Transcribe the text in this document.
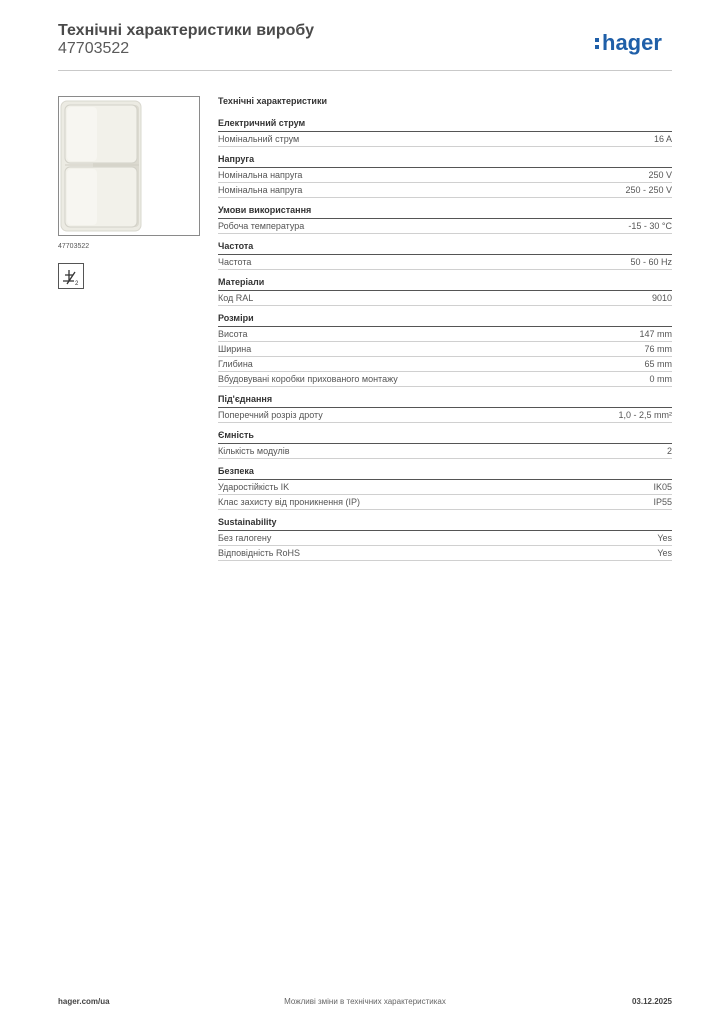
Технічні характеристики виробу
47703522	hager
47703522
2
Технічні характеристики
Електричний струм
Номінальний струм	16 A
Напруга
Номінальна напруга	250 V
Номінальна напруга	250 - 250 V
Умови використання
Робоча температура	-15 - 30 °C
Частота
Частота	50 - 60 Hz
Матеріали
Код RAL	9010
Розміри
Висота	147 mm
Ширина	76 mm
Глибина	65 mm
Вбудовувані коробки прихованого монтажу	0 mm
Під'єднання
Поперечний розріз дроту	1,0 - 2,5 mm²
Ємність
Кількість модулів	2
Безпека
Ударостійкість IK	IK05
Клас захисту від проникнення (IP)	IP55
Sustainability
Без галогену	Yes
Відповідність RoHS	Yes
hager.com/ua	Можливі зміни в технічних характеристиках	03.12.2025
